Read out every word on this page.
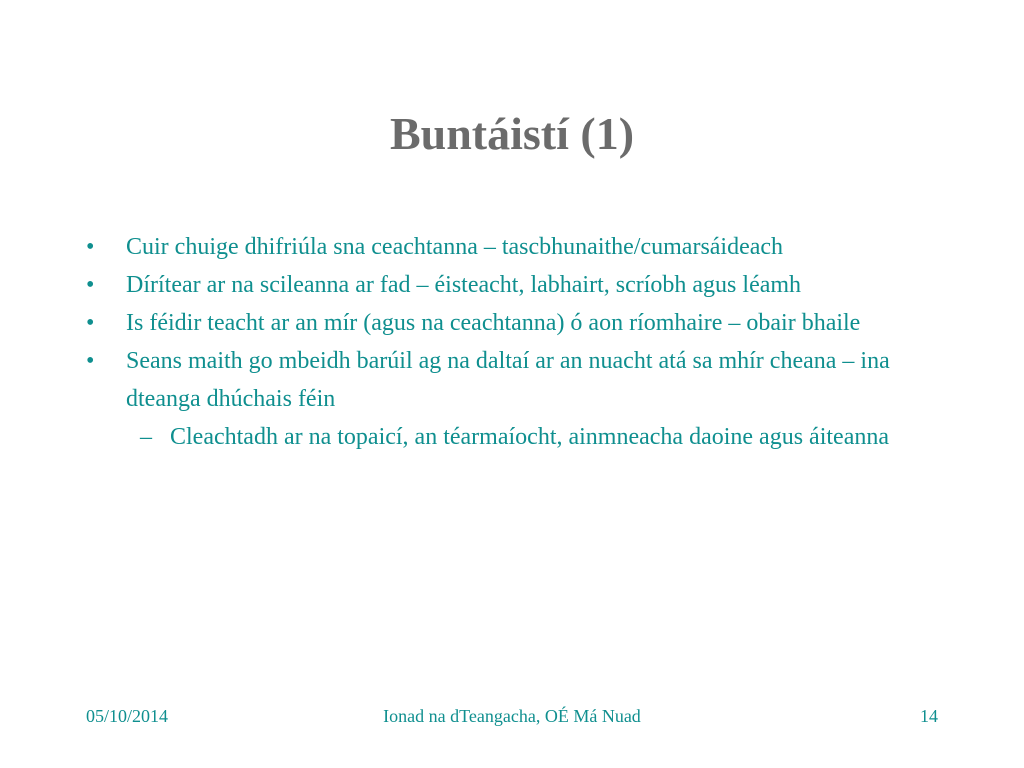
Buntáistí (1)
•	Cuir chuige dhifriúla sna ceachtanna – tascbhunaithe/cumarsáideach
•	Dírítear ar na scileanna ar fad – éisteacht, labhairt, scríobh agus léamh
•	Is féidir teacht ar an mír (agus na ceachtanna) ó aon ríomhaire – obair bhaile
•	Seans maith go mbeidh barúil ag na daltaí ar an nuacht atá sa mhír cheana – ina dteanga dhúchais féin
– Cleachtadh ar na topaicí, an téarmaíocht, ainmneacha daoine agus áiteanna
05/10/2014	Ionad na dTeangacha, OÉ Má Nuad	14
